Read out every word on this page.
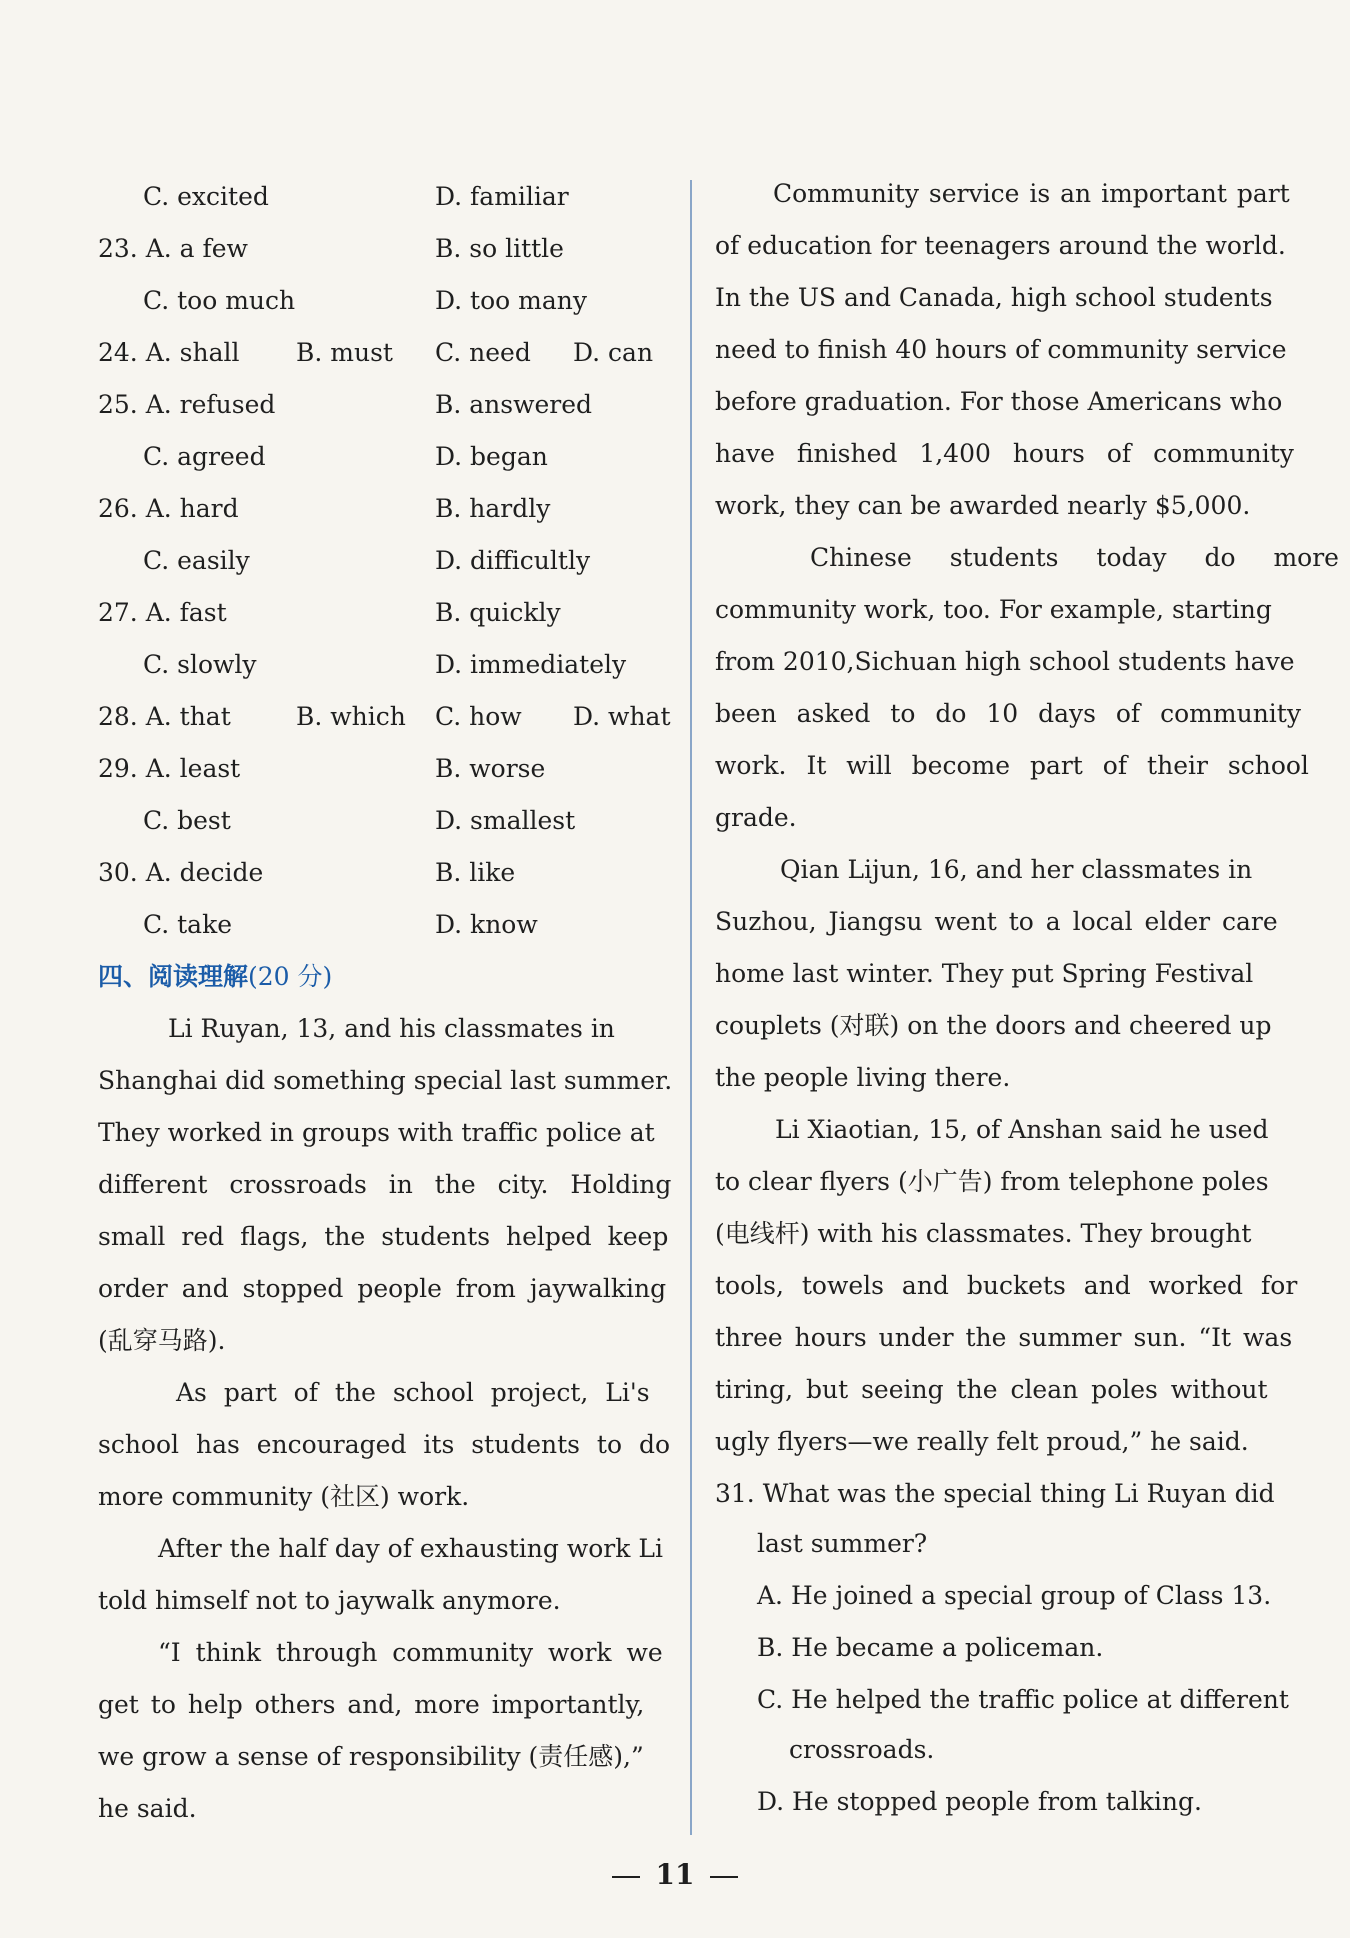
C. excited	D. familiar
23. A. a few	B. so little
C. too much	D. too many
24. A. shall B. must C. need D. can
25. A. refused	B. answered
C. agreed	D. began
26. A. hard	B. hardly
C. easily	D. difficultly
27. A. fast	B. quickly
C. slowly	D. immediately
28. A. that	B. which C. how D. what
29. A. least	B. worse
C. best	D. smallest
30. A. decide	B. like
C. take	D. know
四、阅读理解(20 分)
Li Ruyan, 13, and his classmates in
Shanghai did something special last summer.
They worked in groups with traffic police at
different crossroads in the city. Holding
small red flags, the students helped keep
order and stopped people from jaywalking
(乱穿马路).
As part of the school project, Li's
school has encouraged its students to do
more community (社区) work.
After the half day of exhausting work Li
told himself not to jaywalk anymore.
“I think through community work we
get to help others and, more importantly,
we grow a sense of responsibility (责任感),”
he said.
Community service is an important part
of education for teenagers around the world.
In the US and Canada, high school students
need to finish 40 hours of community service
before graduation. For those Americans who
have finished 1,400 hours of community
work, they can be awarded nearly $5,000.
Chinese students today do more
community work, too. For example, starting
from 2010,Sichuan high school students have
been asked to do 10 days of community
work. It will become part of their school
grade.
Qian Lijun, 16, and her classmates in
Suzhou, Jiangsu went to a local elder care
home last winter. They put Spring Festival
couplets (对联) on the doors and cheered up
the people living there.
Li Xiaotian, 15, of Anshan said he used
to clear flyers (小广告) from telephone poles
(电线杆) with his classmates. They brought
tools, towels and buckets and worked for
three hours under the summer sun. “It was
tiring, but seeing the clean poles without
ugly flyers—we really felt proud,” he said.
31. What was the special thing Li Ruyan did
last summer?
A. He joined a special group of Class 13.
B. He became a policeman.
C. He helped the traffic police at different
crossroads.
D. He stopped people from talking.
11
